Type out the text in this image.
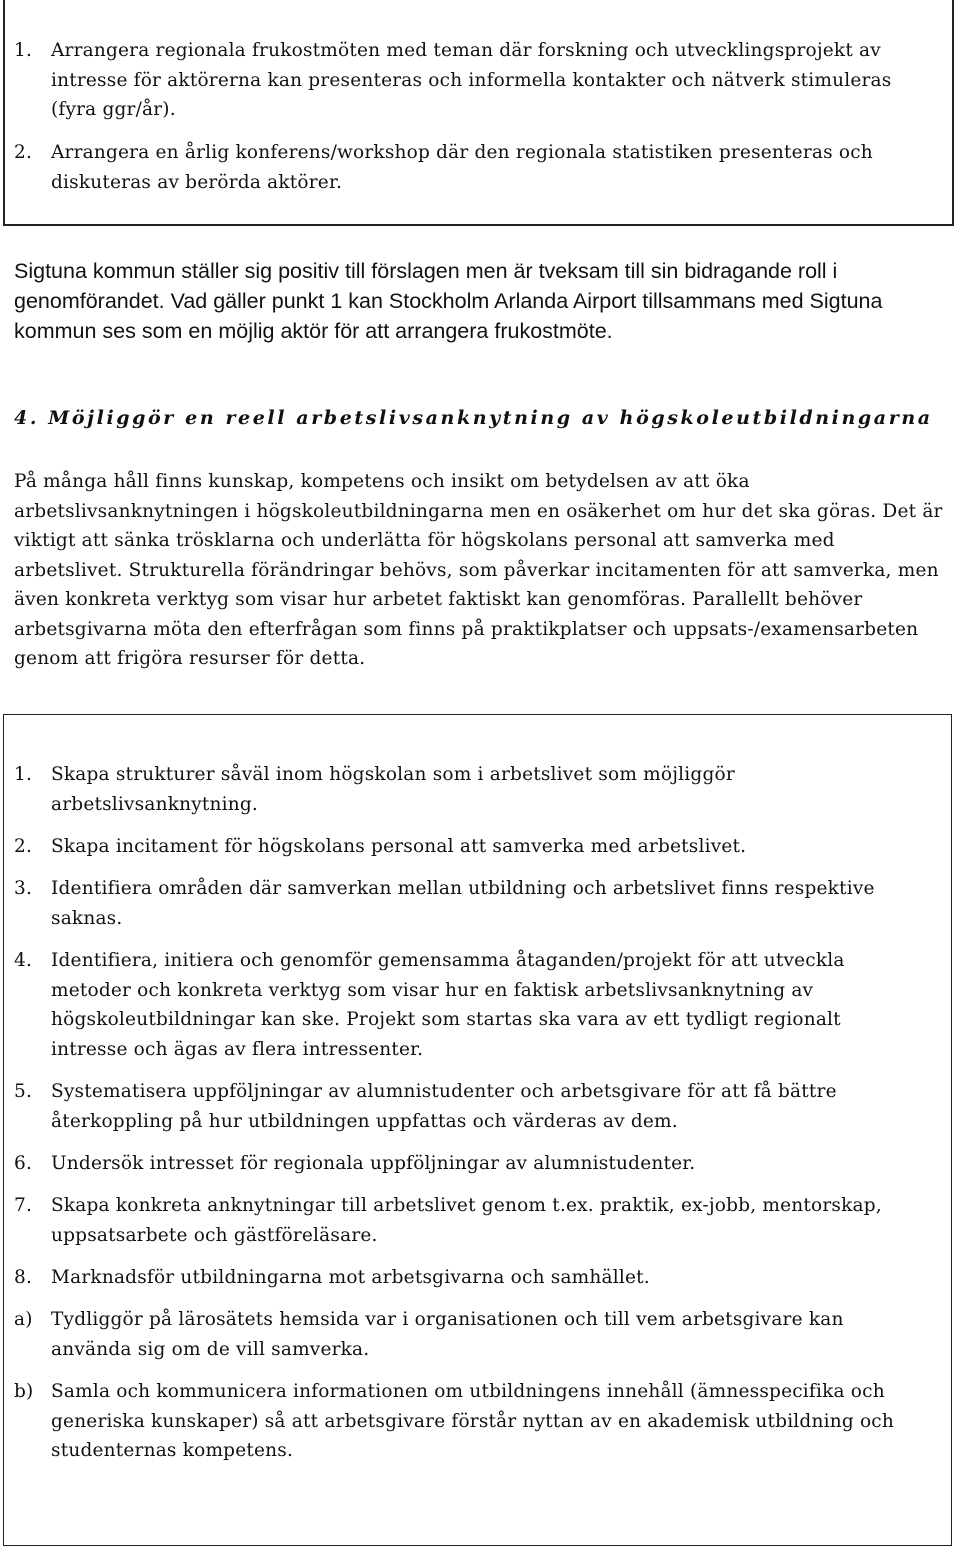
1. Arrangera regionala frukostmöten med teman där forskning och utvecklingsprojekt av intresse för aktörerna kan presenteras och informella kontakter och nätverk stimuleras (fyra ggr/år).
2. Arrangera en årlig konferens/workshop där den regionala statistiken presenteras och diskuteras av berörda aktörer.
Sigtuna kommun ställer sig positiv till förslagen men är tveksam till sin bidragande roll i genomförandet. Vad gäller punkt 1 kan Stockholm Arlanda Airport tillsammans med Sigtuna kommun ses som en möjlig aktör för att arrangera frukostmöte.
4. Möjliggör en reell arbetslivsanknytning av högskoleutbildningarna
På många håll finns kunskap, kompetens och insikt om betydelsen av att öka arbetslivsanknytningen i högskoleutbildningarna men en osäkerhet om hur det ska göras. Det är viktigt att sänka trösklarna och underlätta för högskolans personal att samverka med arbetslivet. Strukturella förändringar behövs, som påverkar incitamenten för att samverka, men även konkreta verktyg som visar hur arbetet faktiskt kan genomföras. Parallellt behöver arbetsgivarna möta den efterfrågan som finns på praktikplatser och uppsats-/examensarbeten genom att frigöra resurser för detta.
1. Skapa strukturer såväl inom högskolan som i arbetslivet som möjliggör arbetslivsanknytning.
2. Skapa incitament för högskolans personal att samverka med arbetslivet.
3. Identifiera områden där samverkan mellan utbildning och arbetslivet finns respektive saknas.
4. Identifiera, initiera och genomför gemensamma åtaganden/projekt för att utveckla metoder och konkreta verktyg som visar hur en faktisk arbetslivsanknytning av högskoleutbildningar kan ske. Projekt som startas ska vara av ett tydligt regionalt intresse och ägas av flera intressenter.
5. Systematisera uppföljningar av alumnistudenter och arbetsgivare för att få bättre återkoppling på hur utbildningen uppfattas och värderas av dem.
6. Undersök intresset för regionala uppföljningar av alumnistudenter.
7. Skapa konkreta anknytningar till arbetslivet genom t.ex. praktik, ex-jobb, mentorskap, uppsatsarbete och gästföreläsare.
8. Marknadsför utbildningarna mot arbetsgivarna och samhället.
a) Tydliggör på lärosätets hemsida var i organisationen och till vem arbetsgivare kan använda sig om de vill samverka.
b) Samla och kommunicera informationen om utbildningens innehåll (ämnesspecifika och generiska kunskaper) så att arbetsgivare förstår nyttan av en akademisk utbildning och studenternas kompetens.
